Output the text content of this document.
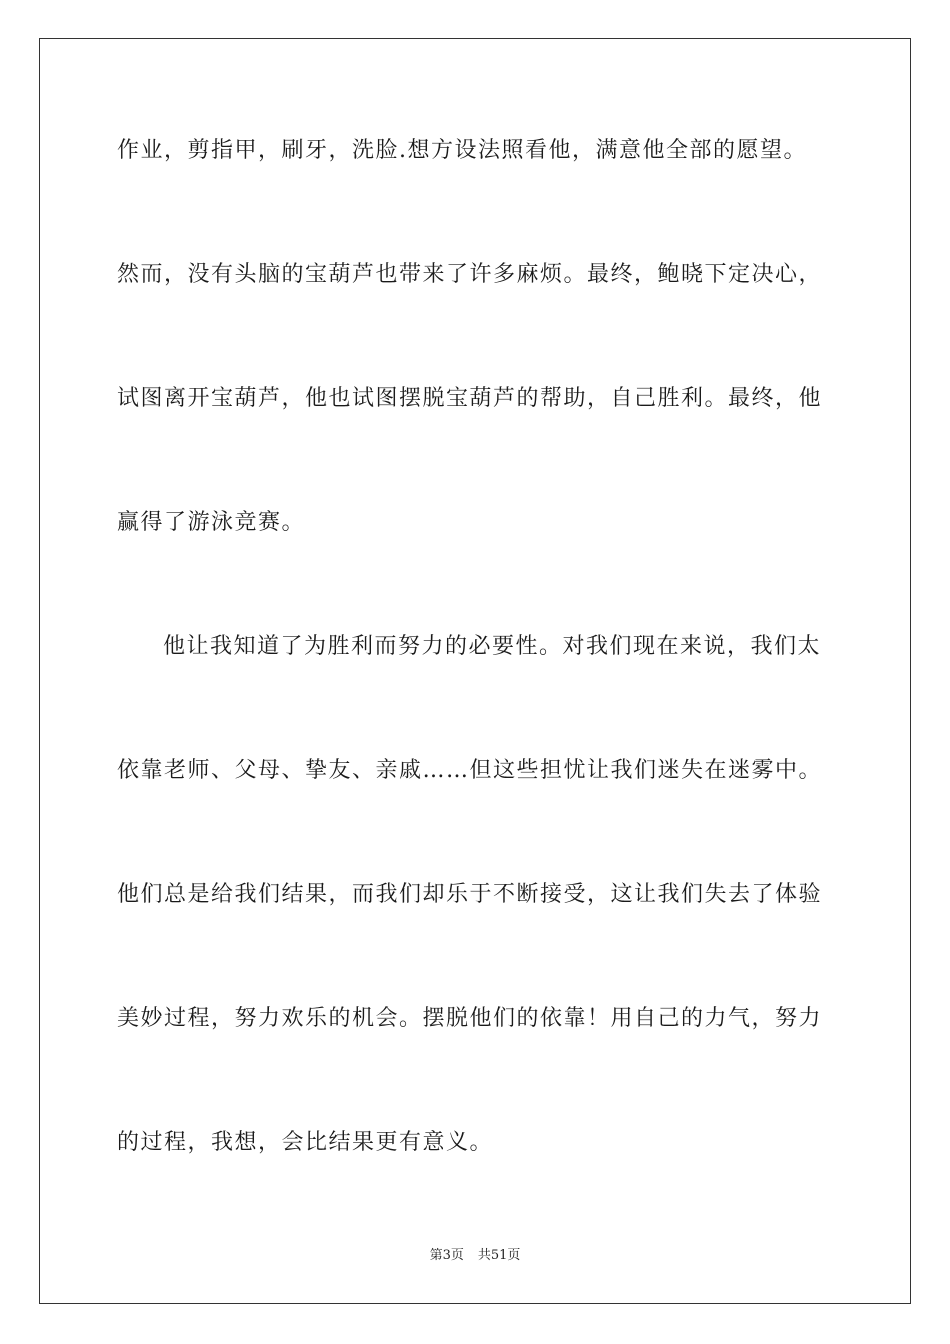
作业，剪指甲，刷牙，洗脸.想方设法照看他，满意他全部的愿望。
然而，没有头脑的宝葫芦也带来了许多麻烦。最终，鲍晓下定决心，
试图离开宝葫芦，他也试图摆脱宝葫芦的帮助，自己胜利。最终，他
赢得了游泳竞赛。
他让我知道了为胜利而努力的必要性。对我们现在来说，我们太
依靠老师、父母、挚友、亲戚……但这些担忧让我们迷失在迷雾中。
他们总是给我们结果，而我们却乐于不断接受，这让我们失去了体验
美妙过程，努力欢乐的机会。摆脱他们的依靠！用自己的力气，努力
的过程，我想，会比结果更有意义。
第3页 共51页
